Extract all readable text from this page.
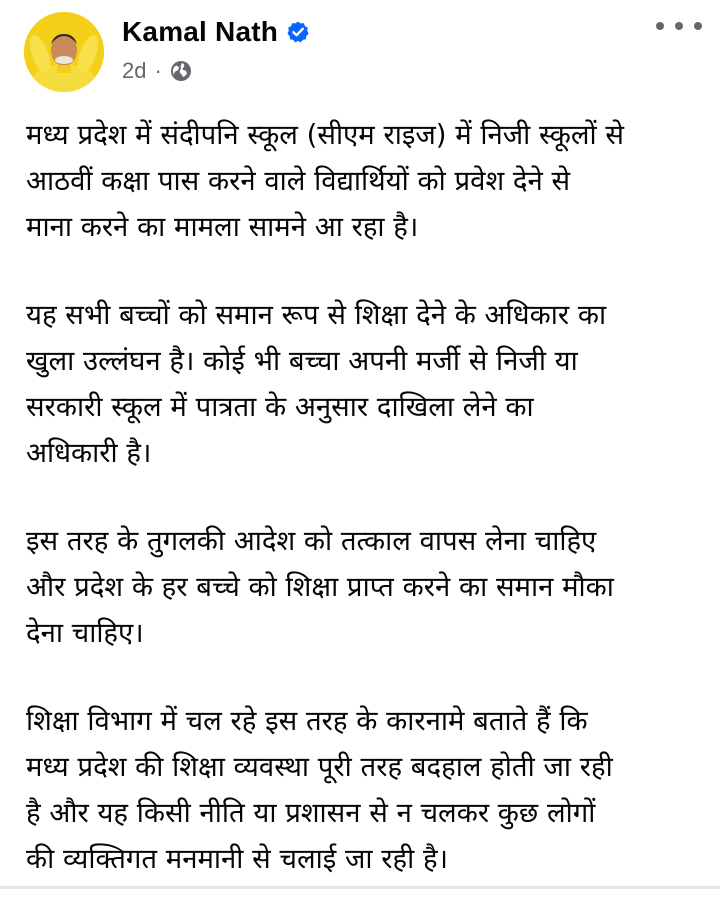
Kamal Nath
2d ·

मध्य प्रदेश में संदीपनि स्कूल (सीएम राइज) में निजी स्कूलों से
आठवीं कक्षा पास करने वाले विद्यार्थियों को प्रवेश देने से
माना करने का मामला सामने आ रहा है।

यह सभी बच्चों को समान रूप से शिक्षा देने के अधिकार का
खुला उल्लंघन है। कोई भी बच्चा अपनी मर्जी से निजी या
सरकारी स्कूल में पात्रता के अनुसार दाखिला लेने का
अधिकारी है।

इस तरह के तुगलकी आदेश को तत्काल वापस लेना चाहिए
और प्रदेश के हर बच्चे को शिक्षा प्राप्त करने का समान मौका
देना चाहिए।

शिक्षा विभाग में चल रहे इस तरह के कारनामे बताते हैं कि
मध्य प्रदेश की शिक्षा व्यवस्था पूरी तरह बदहाल होती जा रही
है और यह किसी नीति या प्रशासन से न चलकर कुछ लोगों
की व्यक्तिगत मनमानी से चलाई जा रही है।
